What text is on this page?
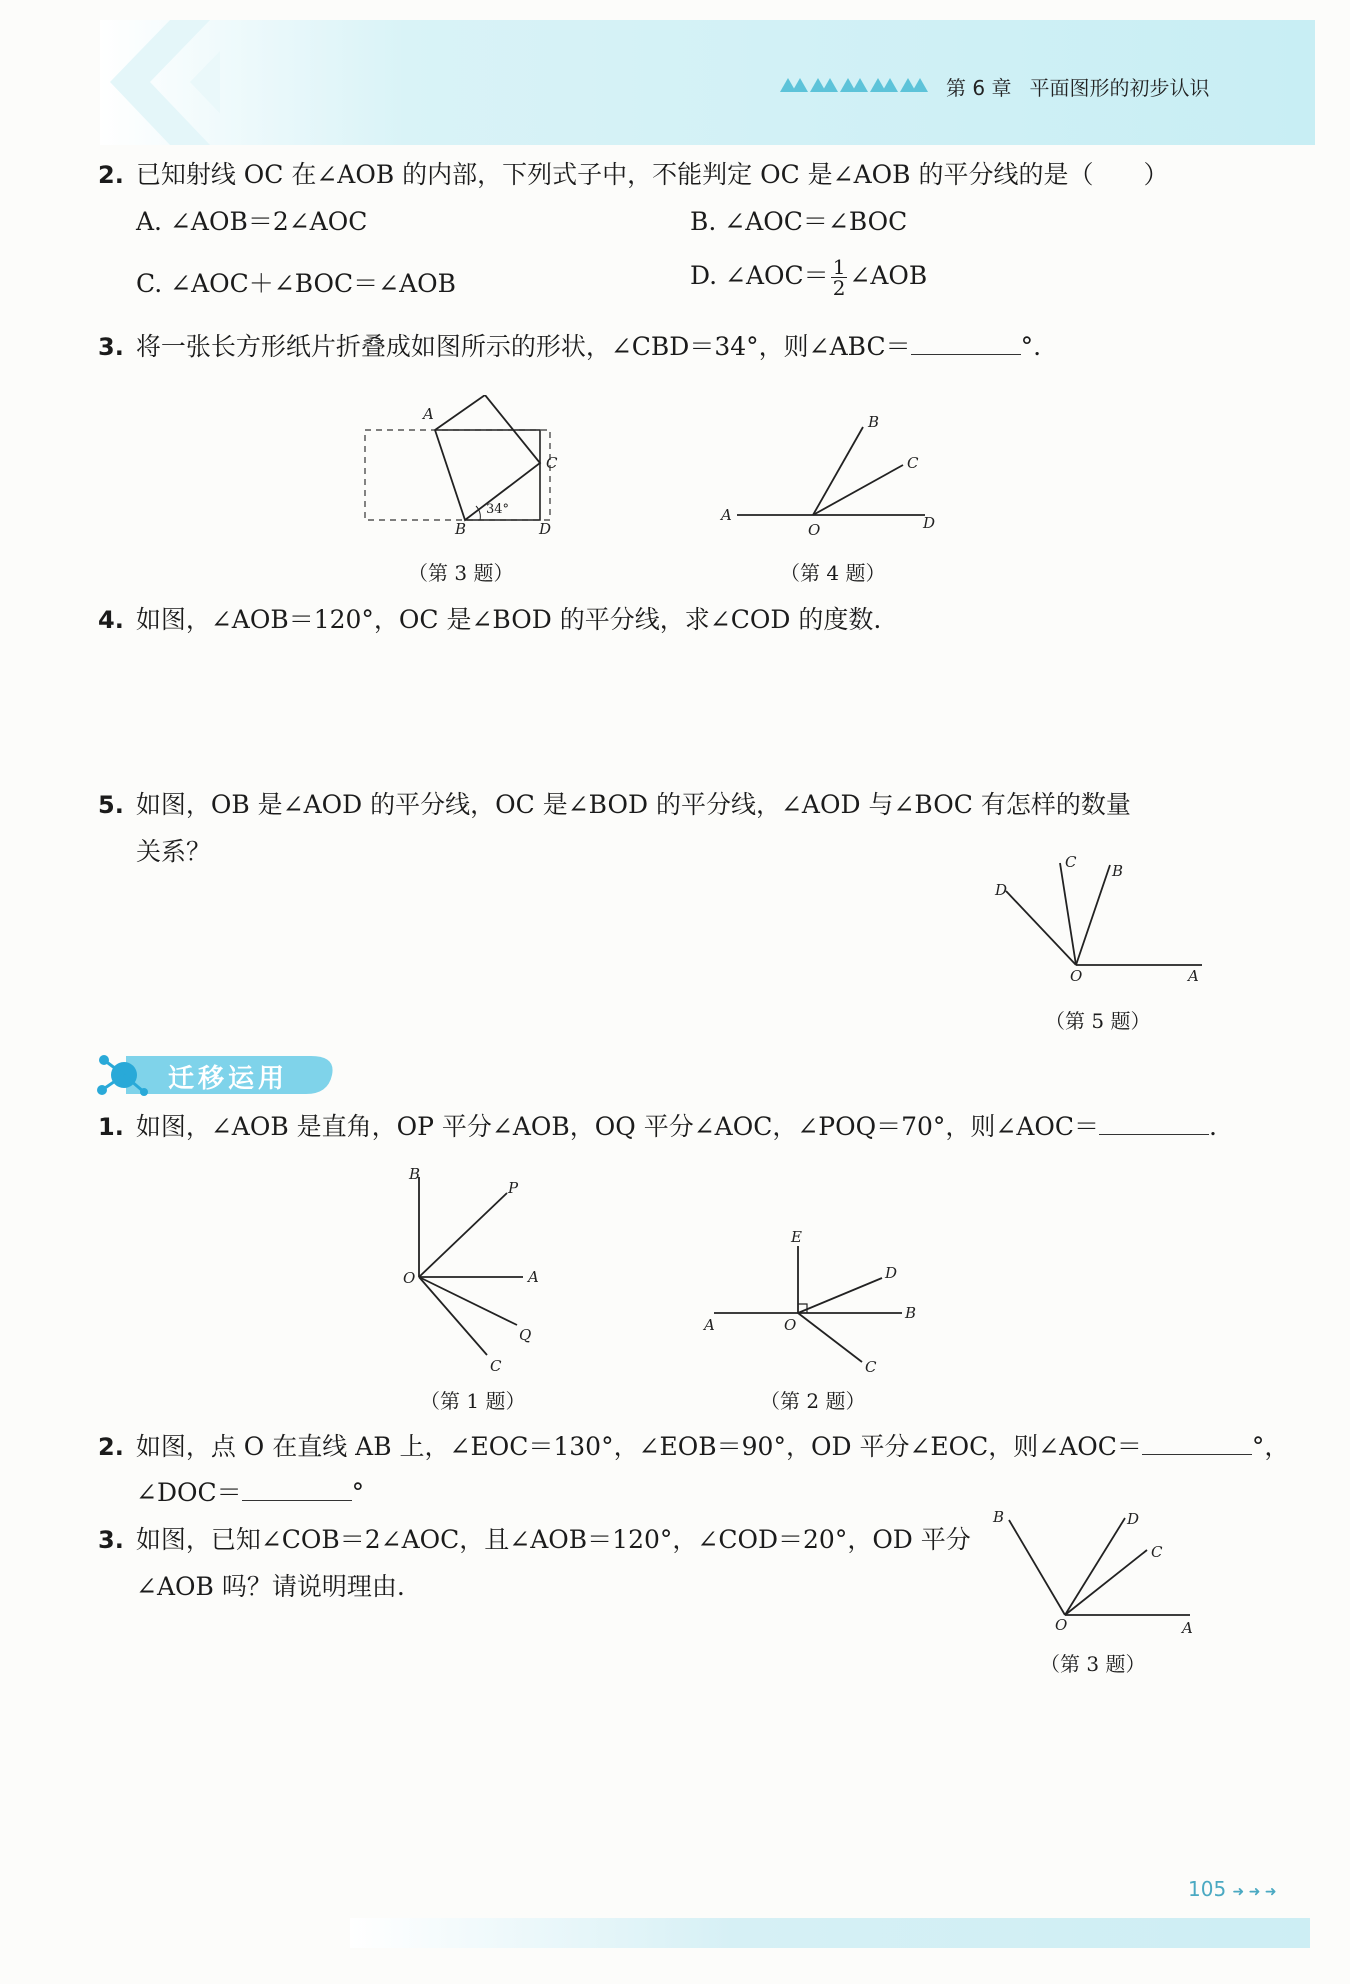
第 6 章 平面图形的初步认识
2. 已知射线 OC 在∠AOB 的内部，下列式子中，不能判定 OC 是∠AOB 的平分线的是（　　）
A. ∠AOB＝2∠AOC	B. ∠AOC＝∠BOC
C. ∠AOC＋∠BOC＝∠AOB	D. ∠AOC＝ $\frac{1}{2}$ ∠AOB
3. 将一张长方形纸片折叠成如图所示的形状，∠CBD＝34°，则∠ABC＝	°.
34°
A
B
C
D
（第 3 题）
A
B
C
D
O
（第 4 题）
4. 如图，∠AOB＝120°，OC 是∠BOD 的平分线，求∠COD 的度数.
5. 如图，OB 是∠AOD 的平分线，OC 是∠BOD 的平分线，∠AOD 与∠BOC 有怎样的数量
关系？
A
B
C
D
O
（第 5 题）
迁移运用
1. 如图，∠AOB 是直角，OP 平分∠AOB，OQ 平分∠AOC，∠POQ＝70°，则∠AOC＝	.
A
B
C
O
P
Q
（第 1 题）
A
B
C
D
E
O
（第 2 题）
2. 如图，点 O 在直线 AB 上，∠EOC＝130°，∠EOB＝90°，OD 平分∠EOC，则∠AOC＝	°，
∠DOC＝	°
3. 如图，已知∠COB＝2∠AOC，且∠AOB＝120°，∠COD＝20°，OD 平分
∠AOB 吗？请说明理由.
A
B
C
D
O
（第 3 题）
105 ➜ ➜ ➜
